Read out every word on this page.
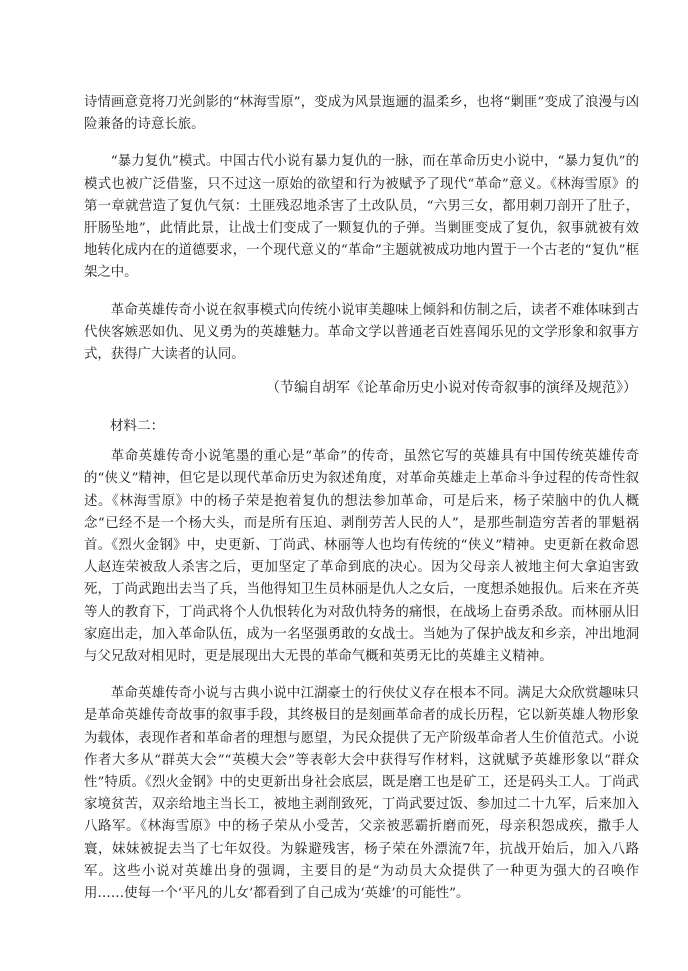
诗情画意竟将刀光剑影的“林海雪原”，变成为风景迤逦的温柔乡，也将“剿匪”变成了浪漫与凶险兼备的诗意长旅。

“暴力复仇”模式。中国古代小说有暴力复仇的一脉，而在革命历史小说中，“暴力复仇”的模式也被广泛借鉴，只不过这一原始的欲望和行为被赋予了现代“革命”意义。《林海雪原》的第一章就营造了复仇气氛：土匪残忍地杀害了土改队员，“六男三女，都用刺刀剖开了肚子，肝肠坠地”，此情此景，让战士们变成了一颗复仇的子弹。当剿匪变成了复仇，叙事就被有效地转化成内在的道德要求，一个现代意义的“革命”主题就被成功地内置于一个古老的“复仇”框架之中。

革命英雄传奇小说在叙事模式向传统小说审美趣味上倾斜和仿制之后，读者不难体味到古代侠客嫉恶如仇、见义勇为的英雄魅力。革命文学以普通老百姓喜闻乐见的文学形象和叙事方式，获得广大读者的认同。

（节编自胡军《论革命历史小说对传奇叙事的演绎及规范》）

材料二：

革命英雄传奇小说笔墨的重心是“革命”的传奇，虽然它写的英雄具有中国传统英雄传奇的“侠义”精神，但它是以现代革命历史为叙述角度，对革命英雄走上革命斗争过程的传奇性叙述。《林海雪原》中的杨子荣是抱着复仇的想法参加革命，可是后来，杨子荣脑中的仇人概念“已经不是一个杨大头，而是所有压迫、剥削劳苦人民的人”，是那些制造穷苦者的罪魁祸首。《烈火金钢》中，史更新、丁尚武、林丽等人也均有传统的“侠义”精神。史更新在救命恩人赵连荣被敌人杀害之后，更加坚定了革命到底的决心。因为父母亲人被地主何大拿迫害致死，丁尚武跑出去当了兵，当他得知卫生员林丽是仇人之女后，一度想杀她报仇。后来在齐英等人的教育下，丁尚武将个人仇恨转化为对敌仇特务的痛恨，在战场上奋勇杀敌。而林丽从旧家庭出走，加入革命队伍，成为一名坚强勇敢的女战士。当她为了保护战友和乡亲，冲出地洞与父兄敌对相见时，更是展现出大无畏的革命气概和英勇无比的英雄主义精神。

革命英雄传奇小说与古典小说中江湖豪士的行侠仗义存在根本不同。满足大众欣赏趣味只是革命英雄传奇故事的叙事手段，其终极目的是刻画革命者的成长历程，它以新英雄人物形象为载体，表现作者和革命者的理想与愿望，为民众提供了无产阶级革命者人生价值范式。小说作者大多从“群英大会”“英模大会”等表彰大会中获得写作材料，这就赋予英雄形象以“群众性”特质。《烈火金钢》中的史更新出身社会底层，既是磨工也是矿工，还是码头工人。丁尚武家境贫苦，双亲给地主当长工，被地主剥削致死，丁尚武要过饭、参加过二十九军，后来加入八路军。《林海雪原》中的杨子荣从小受苦，父亲被恶霸折磨而死，母亲积怨成疾，撒手人寰，妹妹被捉去当了七年奴役。为躲避残害，杨子荣在外漂流7年，抗战开始后，加入八路军。这些小说对英雄出身的强调，主要目的是“为动员大众提供了一种更为强大的召唤作用……使每一个‘平凡的儿女’都看到了自己成为‘英雄’的可能性”。
